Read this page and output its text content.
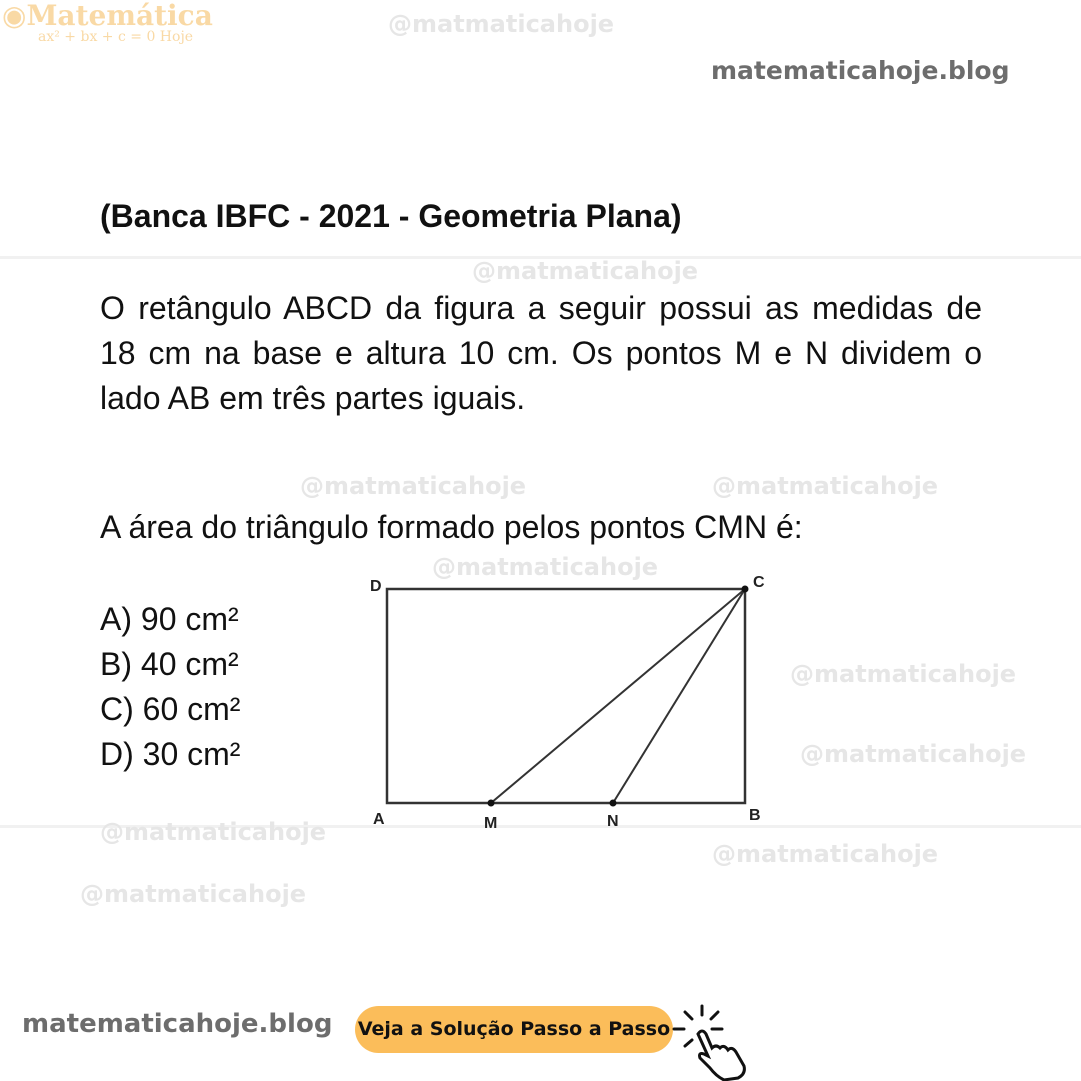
@matmaticahoje
@matmaticahoje
@matmaticahoje
@matmaticahoje
@matmaticahoje
@matmaticahoje
@matmaticahoje
@matmaticahoje
@matmaticahoje
@matmaticahoje
◉Matemática
ax² + bx + c = 0 Hoje
matematicahoje.blog
(Banca IBFC - 2021 - Geometria Plana)
O retângulo ABCD da figura a seguir possui as medidas de 18 cm na base e altura 10 cm. Os pontos M e N dividem o lado AB em três partes iguais.
A área do triângulo formado pelos pontos CMN é:
A) 90 cm²
B) 40 cm²
C) 60 cm²
D) 30 cm²
D	C
A	M	N	B
matematicahoje.blog Veja a Solução Passo a Passo
